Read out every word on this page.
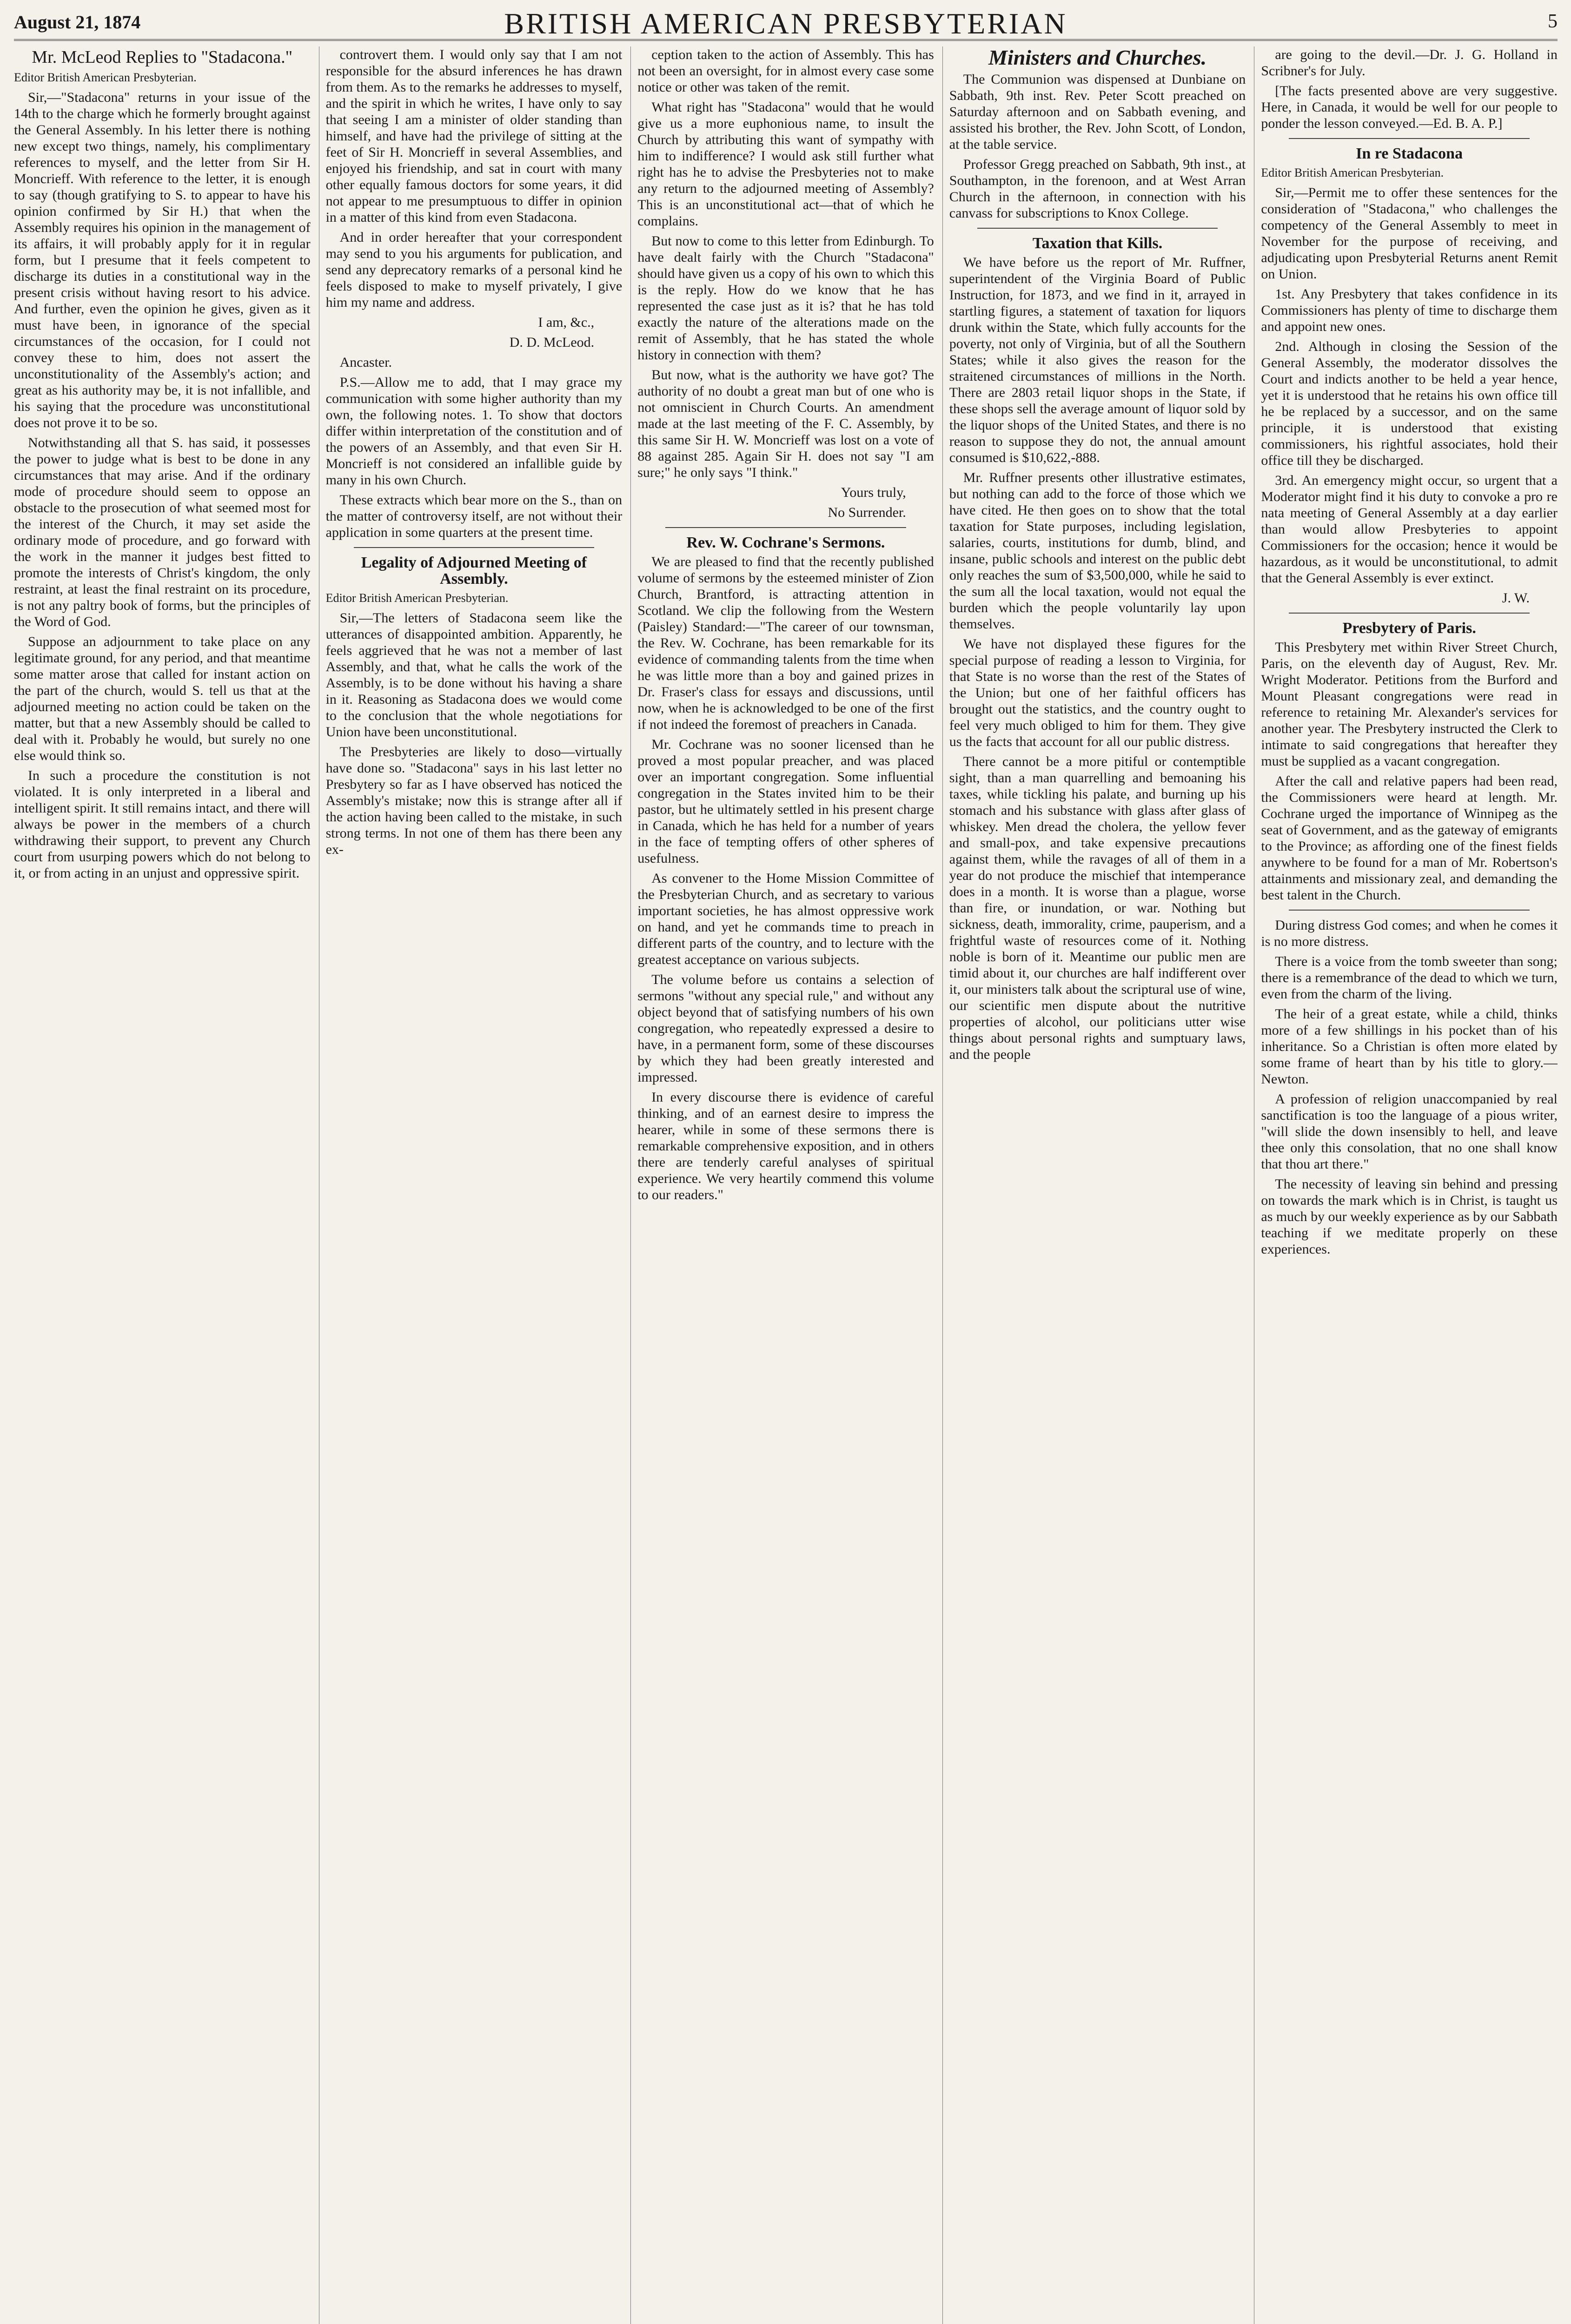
August 21, 1874	BRITISH AMERICAN PRESBYTERIAN	5
Mr. McLeod Replies to "Stadacona."

Editor British American Presbyterian.

Sir,—"Stadacona" returns in your issue of the 14th to the charge which he formerly brought against the General Assembly. In his letter there is nothing new except two things, namely, his complimentary references to myself, and the letter from Sir H. Moncrieff. With reference to the letter, it is enough to say (though gratifying to S. to appear to have his opinion confirmed by Sir H.) that when the Assembly requires his opinion in the management of its affairs, it will probably apply for it in regular form, but I presume that it feels competent to discharge its duties in a constitutional way in the present crisis without having resort to his advice. And further, even the opinion he gives, given as it must have been, in ignorance of the special circumstances of the occasion, for I could not convey these to him, does not assert the unconstitutionality of the Assembly's action; and great as his authority may be, it is not infallible, and his saying that the procedure was unconstitutional does not prove it to be so.

Notwithstanding all that S. has said, it possesses the power to judge what is best to be done in any circumstances that may arise. And if the ordinary mode of procedure should seem to oppose an obstacle to the prosecution of what seemed most for the interest of the Church, it may set aside the ordinary mode of procedure, and go forward with the work in the manner it judges best fitted to promote the interests of Christ's kingdom, the only restraint, at least the final restraint on its procedure, is not any paltry book of forms, but the principles of the Word of God.

Suppose an adjournment to take place on any legitimate ground, for any period, and that meantime some matter arose that called for instant action on the part of the church, would S. tell us that at the adjourned meeting no action could be taken on the matter, but that a new Assembly should be called to deal with it. Probably he would, but surely no one else would think so.

In such a procedure the constitution is not violated. It is only interpreted in a liberal and intelligent spirit. It still remains intact, and there will always be power in the members of a church withdrawing their support, to prevent any Church court from usurping powers which do not belong to it, or from acting in an unjust and oppressive spirit.

controvert them. I would only say that I am not responsible for the absurd inferences he has drawn from them. As to the remarks he addresses to myself, and the spirit in which he writes, I have only to say that seeing I am a minister of older standing than himself, and have had the privilege of sitting at the feet of Sir H. Moncrieff in several Assemblies, and enjoyed his friendship, and sat in court with many other equally famous doctors for some years, it did not appear to me presumptuous to differ in opinion in a matter of this kind from even Stadacona.

And in order hereafter that your correspondent may send to you his arguments for publication, and send any deprecatory remarks of a personal kind he feels disposed to make to myself privately, I give him my name and address.

I am, &c.,

D. D. McLeod.

Ancaster.

P.S.—Allow me to add, that I may grace my communication with some higher authority than my own, the following notes. 1. To show that doctors differ within interpretation of the constitution and of the powers of an Assembly, and that even Sir H. Moncrieff is not considered an infallible guide by many in his own Church.

These extracts which bear more on the S., than on the matter of controversy itself, are not without their application in some quarters at the present time.

Legality of Adjourned Meeting of Assembly.

Editor British American Presbyterian.

Sir,—The letters of Stadacona seem like the utterances of disappointed ambition. Apparently, he feels aggrieved that he was not a member of last Assembly, and that, what he calls the work of the Assembly, is to be done without his having a share in it. Reasoning as Stadacona does we would come to the conclusion that the whole negotiations for Union have been unconstitutional.

The Presbyteries are likely to doso—virtually have done so. "Stadacona" says in his last letter no Presbytery so far as I have observed has noticed the Assembly's mistake; now this is strange after all if the action having been called to the mistake, in such strong terms. In not one of them has there been any ex-

ception taken to the action of Assembly. This has not been an oversight, for in almost every case some notice or other was taken of the remit.

What right has "Stadacona" would that he would give us a more euphonious name, to insult the Church by attributing this want of sympathy with him to indifference? I would ask still further what right has he to advise the Presbyteries not to make any return to the adjourned meeting of Assembly? This is an unconstitutional act—that of which he complains.

But now to come to this letter from Edinburgh. To have dealt fairly with the Church "Stadacona" should have given us a copy of his own to which this is the reply. How do we know that he has represented the case just as it is? that he has told exactly the nature of the alterations made on the remit of Assembly, that he has stated the whole history in connection with them?

But now, what is the authority we have got? The authority of no doubt a great man but of one who is not omniscient in Church Courts. An amendment made at the last meeting of the F. C. Assembly, by this same Sir H. W. Moncrieff was lost on a vote of 88 against 285. Again Sir H. does not say "I am sure;" he only says "I think."

Yours truly,

No Surrender.

Rev. W. Cochrane's Sermons.

We are pleased to find that the recently published volume of sermons by the esteemed minister of Zion Church, Brantford, is attracting attention in Scotland. We clip the following from the Western (Paisley) Standard:—"The career of our townsman, the Rev. W. Cochrane, has been remarkable for its evidence of commanding talents from the time when he was little more than a boy and gained prizes in Dr. Fraser's class for essays and discussions, until now, when he is acknowledged to be one of the first if not indeed the foremost of preachers in Canada.

Mr. Cochrane was no sooner licensed than he proved a most popular preacher, and was placed over an important congregation. Some influential congregation in the States invited him to be their pastor, but he ultimately settled in his present charge in Canada, which he has held for a number of years in the face of tempting offers of other spheres of usefulness.

As convener to the Home Mission Committee of the Presbyterian Church, and as secretary to various important societies, he has almost oppressive work on hand, and yet he commands time to preach in different parts of the country, and to lecture with the greatest acceptance on various subjects.

The volume before us contains a selection of sermons "without any special rule," and without any object beyond that of satisfying numbers of his own congregation, who repeatedly expressed a desire to have, in a permanent form, some of these discourses by which they had been greatly interested and impressed.

In every discourse there is evidence of careful thinking, and of an earnest desire to impress the hearer, while in some of these sermons there is remarkable comprehensive exposition, and in others there are tenderly careful analyses of spiritual experience. We very heartily commend this volume to our readers."

Ministers and Churches.

The Communion was dispensed at Dunbiane on Sabbath, 9th inst. Rev. Peter Scott preached on Saturday afternoon and on Sabbath evening, and assisted his brother, the Rev. John Scott, of London, at the table service.

Professor Gregg preached on Sabbath, 9th inst., at Southampton, in the forenoon, and at West Arran Church in the afternoon, in connection with his canvass for subscriptions to Knox College.

Taxation that Kills.

We have before us the report of Mr. Ruffner, superintendent of the Virginia Board of Public Instruction, for 1873, and we find in it, arrayed in startling figures, a statement of taxation for liquors drunk within the State, which fully accounts for the poverty, not only of Virginia, but of all the Southern States; while it also gives the reason for the straitened circumstances of millions in the North. There are 2803 retail liquor shops in the State, if these shops sell the average amount of liquor sold by the liquor shops of the United States, and there is no reason to suppose they do not, the annual amount consumed is $10,622,-888.

Mr. Ruffner presents other illustrative estimates, but nothing can add to the force of those which we have cited. He then goes on to show that the total taxation for State purposes, including legislation, salaries, courts, institutions for dumb, blind, and insane, public schools and interest on the public debt only reaches the sum of $3,500,000, while he said to the sum all the local taxation, would not equal the burden which the people voluntarily lay upon themselves.

We have not displayed these figures for the special purpose of reading a lesson to Virginia, for that State is no worse than the rest of the States of the Union; but one of her faithful officers has brought out the statistics, and the country ought to feel very much obliged to him for them. They give us the facts that account for all our public distress.

There cannot be a more pitiful or contemptible sight, than a man quarrelling and bemoaning his taxes, while tickling his palate, and burning up his stomach and his substance with glass after glass of whiskey. Men dread the cholera, the yellow fever and small-pox, and take expensive precautions against them, while the ravages of all of them in a year do not produce the mischief that intemperance does in a month. It is worse than a plague, worse than fire, or inundation, or war. Nothing but sickness, death, immorality, crime, pauperism, and a frightful waste of resources come of it. Nothing noble is born of it. Meantime our public men are timid about it, our churches are half indifferent over it, our ministers talk about the scriptural use of wine, our scientific men dispute about the nutritive properties of alcohol, our politicians utter wise things about personal rights and sumptuary laws, and the people

are going to the devil.—Dr. J. G. Holland in Scribner's for July.

[The facts presented above are very suggestive. Here, in Canada, it would be well for our people to ponder the lesson conveyed.—Ed. B. A. P.]

In re Stadacona

Editor British American Presbyterian.

Sir,—Permit me to offer these sentences for the consideration of "Stadacona," who challenges the competency of the General Assembly to meet in November for the purpose of receiving, and adjudicating upon Presbyterial Returns anent Remit on Union.

1st. Any Presbytery that takes confidence in its Commissioners has plenty of time to discharge them and appoint new ones.

2nd. Although in closing the Session of the General Assembly, the moderator dissolves the Court and indicts another to be held a year hence, yet it is understood that he retains his own office till he be replaced by a successor, and on the same principle, it is understood that existing commissioners, his rightful associates, hold their office till they be discharged.

3rd. An emergency might occur, so urgent that a Moderator might find it his duty to convoke a pro re nata meeting of General Assembly at a day earlier than would allow Presbyteries to appoint Commissioners for the occasion; hence it would be hazardous, as it would be unconstitutional, to admit that the General Assembly is ever extinct.

J. W.

Presbytery of Paris.

This Presbytery met within River Street Church, Paris, on the eleventh day of August, Rev. Mr. Wright Moderator. Petitions from the Burford and Mount Pleasant congregations were read in reference to retaining Mr. Alexander's services for another year. The Presbytery instructed the Clerk to intimate to said congregations that hereafter they must be supplied as a vacant congregation.

After the call and relative papers had been read, the Commissioners were heard at length. Mr. Cochrane urged the importance of Winnipeg as the seat of Government, and as the gateway of emigrants to the Province; as affording one of the finest fields anywhere to be found for a man of Mr. Robertson's attainments and missionary zeal, and demanding the best talent in the Church.

During distress God comes; and when he comes it is no more distress.

There is a voice from the tomb sweeter than song; there is a remembrance of the dead to which we turn, even from the charm of the living.

The heir of a great estate, while a child, thinks more of a few shillings in his pocket than of his inheritance. So a Christian is often more elated by some frame of heart than by his title to glory.—Newton.

A profession of religion unaccompanied by real sanctification is too the language of a pious writer, "will slide the down insensibly to hell, and leave thee only this consolation, that no one shall know that thou art there."

The necessity of leaving sin behind and pressing on towards the mark which is in Christ, is taught us as much by our weekly experience as by our Sabbath teaching if we meditate properly on these experiences.
